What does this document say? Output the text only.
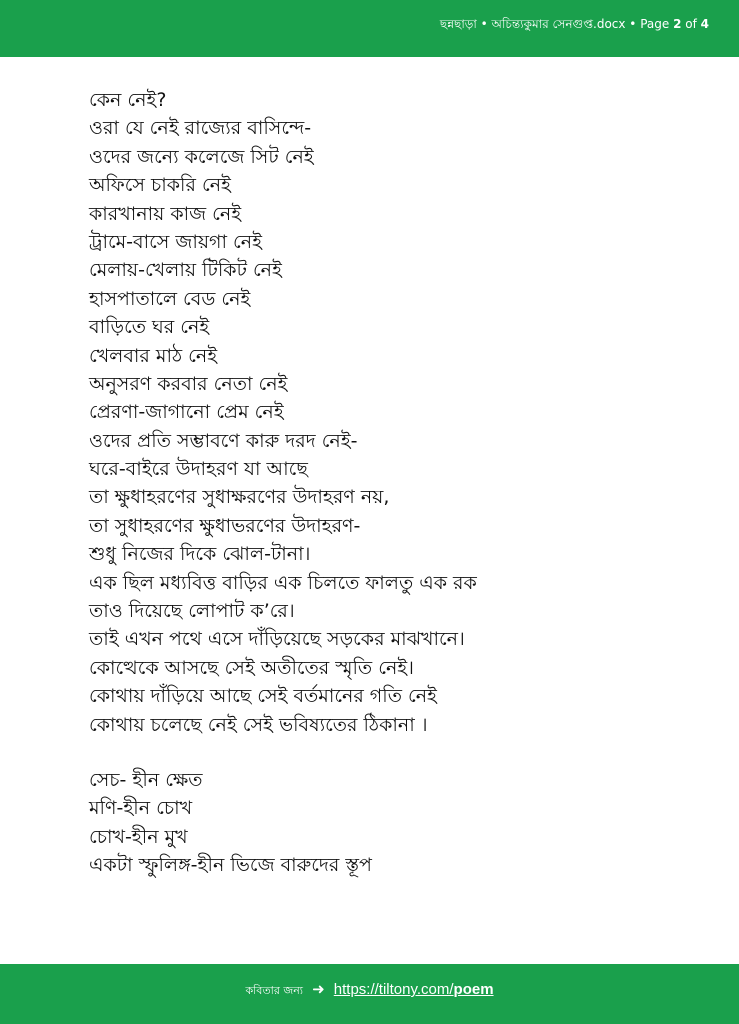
ছন্নছাড়া • অচিন্ত্যকুমার সেনগুপ্ত.docx • Page 2 of 4
কেন নেই?
ওরা যে নেই রাজ্যের বাসিন্দে-
ওদের জন্যে কলেজে সিট নেই
অফিসে চাকরি নেই
কারখানায় কাজ নেই
ট্রামে-বাসে জায়গা নেই
মেলায়-খেলায় টিকিট নেই
হাসপাতালে বেড নেই
বাড়িতে ঘর নেই
খেলবার মাঠ নেই
অনুসরণ করবার নেতা নেই
প্রেরণা-জাগানো প্রেম নেই
ওদের প্রতি সম্ভাবণে কারু দরদ নেই-
ঘরে-বাইরে উদাহরণ যা আছে
তা ক্ষুধাহরণের সুধাক্ষরণের উদাহরণ নয়,
তা সুধাহরণের ক্ষুধাভরণের উদাহরণ-
শুধু নিজের দিকে ঝোল-টানা।
এক ছিল মধ্যবিত্ত বাড়ির এক চিলতে ফালতু এক রক
তাও দিয়েছে লোপাট ক’রে।
তাই এখন পথে এসে দাঁড়িয়েছে সড়কের মাঝখানে।
কোত্থেকে আসছে সেই অতীতের স্মৃতি নেই।
কোথায় দাঁড়িয়ে আছে সেই বর্তমানের গতি নেই
কোথায় চলেছে নেই সেই ভবিষ্যতের ঠিকানা ।
সেচ- হীন ক্ষেত
মণি-হীন চোখ
চোখ-হীন মুখ
একটা স্ফুলিঙ্গ-হীন ভিজে বারুদের স্তূপ
কবিতার জন্য ➜ https://tiltony.com/poem
